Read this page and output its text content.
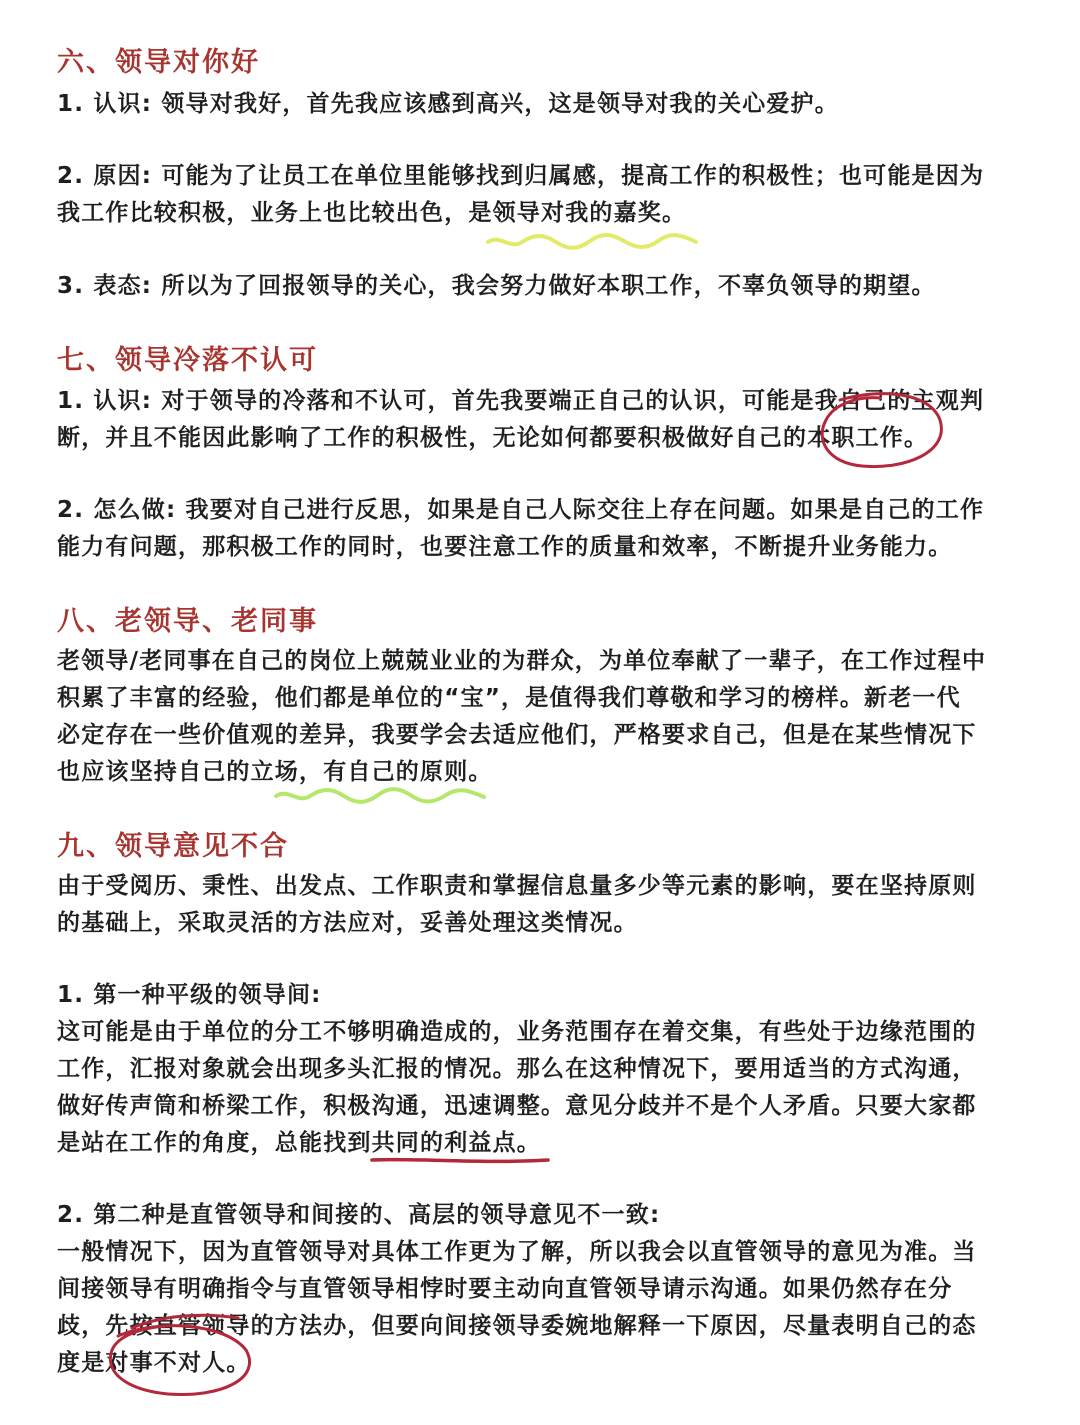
六、领导对你好
1. 认识: 领导对我好，首先我应该感到高兴，这是领导对我的关心爱护。
2. 原因: 可能为了让员工在单位里能够找到归属感，提高工作的积极性；也可能是因为
我工作比较积极，业务上也比较出色，是领导对我的嘉奖。
3. 表态: 所以为了回报领导的关心，我会努力做好本职工作，不辜负领导的期望。
七、领导冷落不认可
1. 认识: 对于领导的冷落和不认可，首先我要端正自己的认识，可能是我自己的主观判
断，并且不能因此影响了工作的积极性，无论如何都要积极做好自己的本职工作。
2. 怎么做: 我要对自己进行反思，如果是自己人际交往上存在问题。如果是自己的工作
能力有问题，那积极工作的同时，也要注意工作的质量和效率，不断提升业务能力。
八、老领导、老同事
老领导/老同事在自己的岗位上兢兢业业的为群众，为单位奉献了一辈子，在工作过程中
积累了丰富的经验，他们都是单位的“宝”，是值得我们尊敬和学习的榜样。新老一代
必定存在一些价值观的差异，我要学会去适应他们，严格要求自己，但是在某些情况下
也应该坚持自己的立场，有自己的原则。
九、领导意见不合
由于受阅历、秉性、出发点、工作职责和掌握信息量多少等元素的影响，要在坚持原则
的基础上，采取灵活的方法应对，妥善处理这类情况。
1. 第一种平级的领导间:
这可能是由于单位的分工不够明确造成的，业务范围存在着交集，有些处于边缘范围的
工作，汇报对象就会出现多头汇报的情况。那么在这种情况下，要用适当的方式沟通，
做好传声筒和桥梁工作，积极沟通，迅速调整。意见分歧并不是个人矛盾。只要大家都
是站在工作的角度，总能找到共同的利益点。
2. 第二种是直管领导和间接的、高层的领导意见不一致:
一般情况下，因为直管领导对具体工作更为了解，所以我会以直管领导的意见为准。当
间接领导有明确指令与直管领导相悖时要主动向直管领导请示沟通。如果仍然存在分
歧，先按直管领导的方法办，但要向间接领导委婉地解释一下原因，尽量表明自己的态
度是对事不对人。
